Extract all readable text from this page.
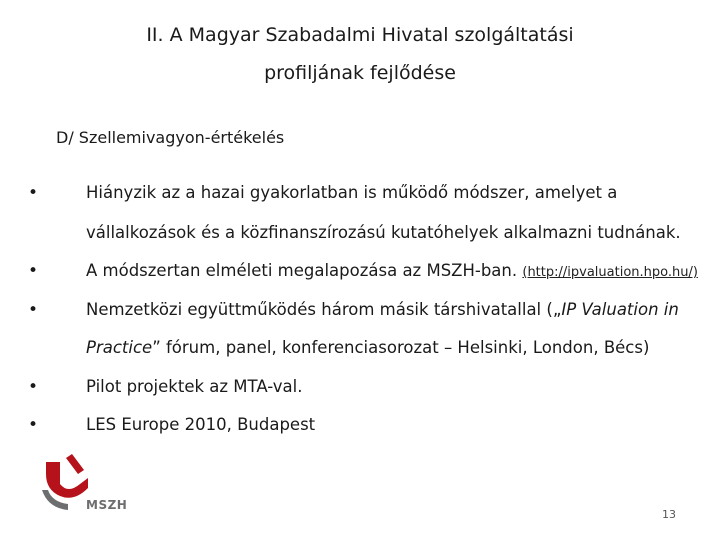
II. A Magyar Szabadalmi Hivatal szolgáltatási
profiljának fejlődése
D/ Szellemivagyon-értékelés
•	Hiányzik az a hazai gyakorlatban is működő módszer, amelyet a
vállalkozások és a közfinanszírozású kutatóhelyek alkalmazni tudnának.
•	A módszertan elméleti megalapozása az MSZH-ban. (http://ipvaluation.hpo.hu/)
•	Nemzetközi együttműködés három másik társhivatallal („IP Valuation in
Practice” fórum, panel, konferenciasorozat – Helsinki, London, Bécs)
•	Pilot projektek az MTA-val.
•	LES Europe 2010, Budapest
MSZH
13
